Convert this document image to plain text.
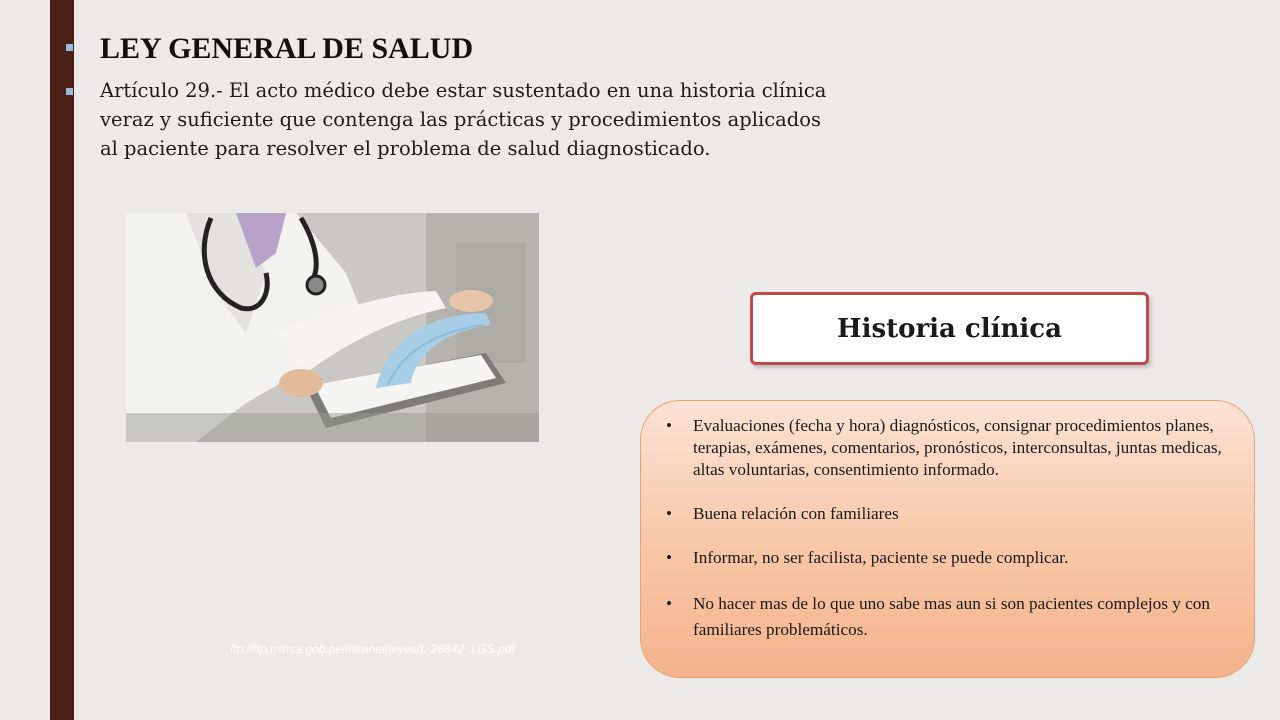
LEY GENERAL DE SALUD
Artículo 29.- El acto médico debe estar sustentado en una historia clínica
veraz y suficiente que contenga las prácticas y procedimientos aplicados
al paciente para resolver el problema de salud diagnosticado.
Historia clínica
• Evaluaciones (fecha y hora) diagnósticos, consignar procedimientos planes, terapias, exámenes, comentarios, pronósticos, interconsultas, juntas medicas, altas voluntarias, consentimiento informado.
• Buena relación con familiares
• Informar, no ser facilista, paciente se puede complicar.
• No hacer mas de lo que uno sabe mas aun si son pacientes complejos y con familiares problemáticos.
ftp://ftp.minsa.gob.pe/intranet/leyes/L-26842_LGS.pdf
